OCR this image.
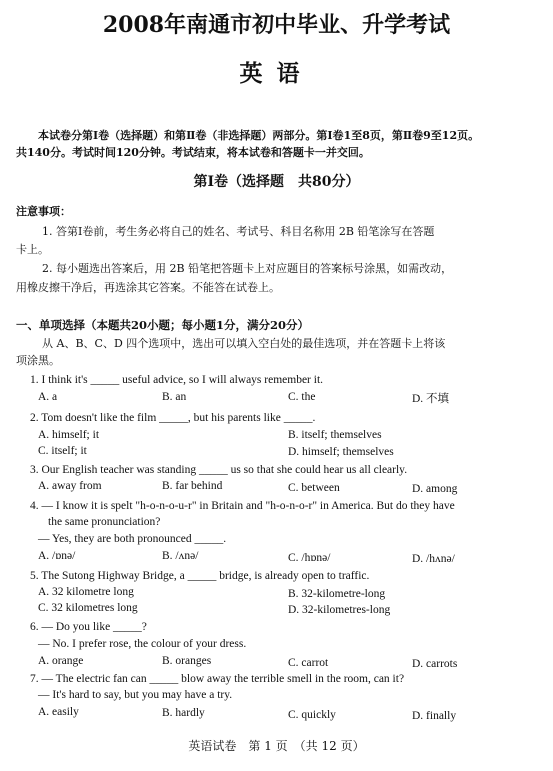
2008年南通市初中毕业、升学考试
英语
本试卷分第Ⅰ卷（选择题）和第Ⅱ卷（非选择题）两部分。第Ⅰ卷1至8页，第Ⅱ卷9至12页。
共140分。考试时间120分钟。考试结束，将本试卷和答题卡一并交回。
第Ⅰ卷（选择题　共80分）
注意事项：
1. 答第Ⅰ卷前，考生务必将自己的姓名、考试号、科目名称用 2B 铅笔涂写在答题
卡上。
2. 每小题选出答案后，用 2B 铅笔把答题卡上对应题目的答案标号涂黑，如需改动，
用橡皮擦干净后，再选涂其它答案。不能答在试卷上。
一、单项选择（本题共20小题；每小题1分，满分20分）
从 A、B、C、D 四个选项中，选出可以填入空白处的最佳选项，并在答题卡上将该
项涂黑。
1. I think it's _____ useful advice, so I will always remember it.
A. a	B. an	C. the	D. 不填
2. Tom doesn't like the film _____, but his parents like _____.
A. himself; it	B. itself; themselves
C. itself; it	D. himself; themselves
3. Our English teacher was standing _____ us so that she could hear us all clearly.
A. away from	B. far behind	C. between	D. among
4. — I know it is spelt "h-o-n-o-u-r" in Britain and "h-o-n-o-r" in America. But do they have
the same pronunciation?
— Yes, they are both pronounced _____.
A. /ɒnə/	B. /ʌnə/	C. /hɒnə/	D. /hʌnə/
5. The Sutong Highway Bridge, a _____ bridge, is already open to traffic.
A. 32 kilometre long	B. 32-kilometre-long
C. 32 kilometres long	D. 32-kilometres-long
6. — Do you like _____?
— No. I prefer rose, the colour of your dress.
A. orange	B. oranges	C. carrot	D. carrots
7. — The electric fan can _____ blow away the terrible smell in the room, can it?
— It's hard to say, but you may have a try.
A. easily	B. hardly	C. quickly	D. finally
英语试卷　第 1 页　（共 12 页）
